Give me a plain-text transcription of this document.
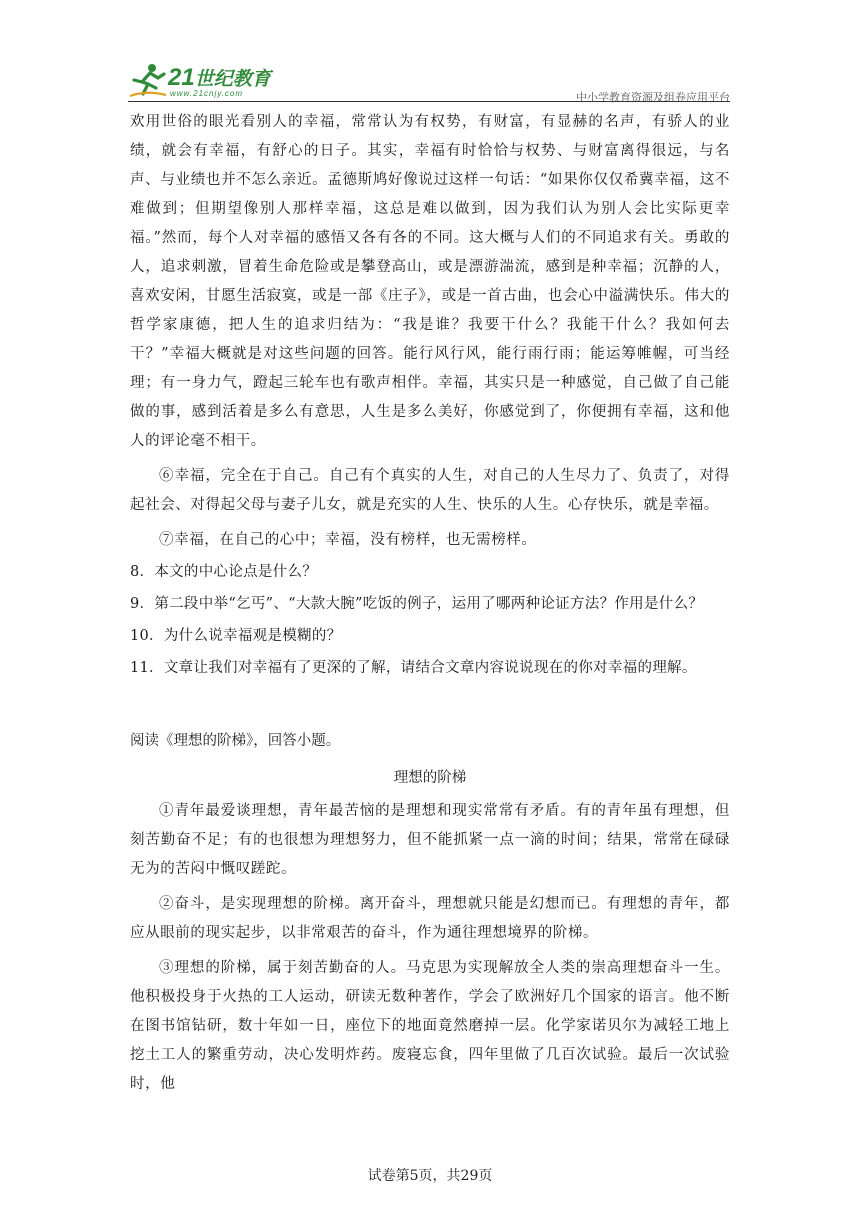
21世纪教育
www.21cnjy.com	中小学教育资源及组卷应用平台

欢用世俗的眼光看别人的幸福，常常认为有权势，有财富，有显赫的名声，有骄人的业绩，就会有幸福，有舒心的日子。其实，幸福有时恰恰与权势、与财富离得很远，与名声、与业绩也并不怎么亲近。孟德斯鸠好像说过这样一句话：“如果你仅仅希冀幸福，这不难做到；但期望像别人那样幸福，这总是难以做到，因为我们认为别人会比实际更幸福。”然而，每个人对幸福的感悟又各有各的不同。这大概与人们的不同追求有关。勇敢的人，追求刺激，冒着生命危险或是攀登高山，或是漂游湍流，感到是种幸福；沉静的人，喜欢安闲，甘愿生活寂寞，或是一部《庄子》，或是一首古曲，也会心中溢满快乐。伟大的哲学家康德，把人生的追求归结为：“我是谁？我要干什么？我能干什么？我如何去干？”幸福大概就是对这些问题的回答。能行风行风，能行雨行雨；能运筹帷幄，可当经理；有一身力气，蹬起三轮车也有歌声相伴。幸福，其实只是一种感觉，自己做了自己能做的事，感到活着是多么有意思，人生是多么美好，你感觉到了，你便拥有幸福，这和他人的评论毫不相干。

⑥幸福，完全在于自己。自己有个真实的人生，对自己的人生尽力了、负责了，对得起社会、对得起父母与妻子儿女，就是充实的人生、快乐的人生。心存快乐，就是幸福。

⑦幸福，在自己的心中；幸福，没有榜样，也无需榜样。

8．本文的中心论点是什么？

9．第二段中举“乞丐”、“大款大腕”吃饭的例子，运用了哪两种论证方法？作用是什么？

10．为什么说幸福观是模糊的？

11．文章让我们对幸福有了更深的了解，请结合文章内容说说现在的你对幸福的理解。

阅读《理想的阶梯》，回答小题。

理想的阶梯

①青年最爱谈理想，青年最苦恼的是理想和现实常常有矛盾。有的青年虽有理想，但刻苦勤奋不足；有的也很想为理想努力，但不能抓紧一点一滴的时间；结果，常常在碌碌无为的苦闷中慨叹蹉跎。

②奋斗，是实现理想的阶梯。离开奋斗，理想就只能是幻想而已。有理想的青年，都应从眼前的现实起步，以非常艰苦的奋斗，作为通往理想境界的阶梯。

③理想的阶梯，属于刻苦勤奋的人。马克思为实现解放全人类的崇高理想奋斗一生。他积极投身于火热的工人运动，研读无数种著作，学会了欧洲好几个国家的语言。他不断在图书馆钻研，数十年如一日，座位下的地面竟然磨掉一层。化学家诺贝尔为减轻工地上挖土工人的繁重劳动，决心发明炸药。废寝忘食，四年里做了几百次试验。最后一次试验时，他

试卷第5页，共29页
